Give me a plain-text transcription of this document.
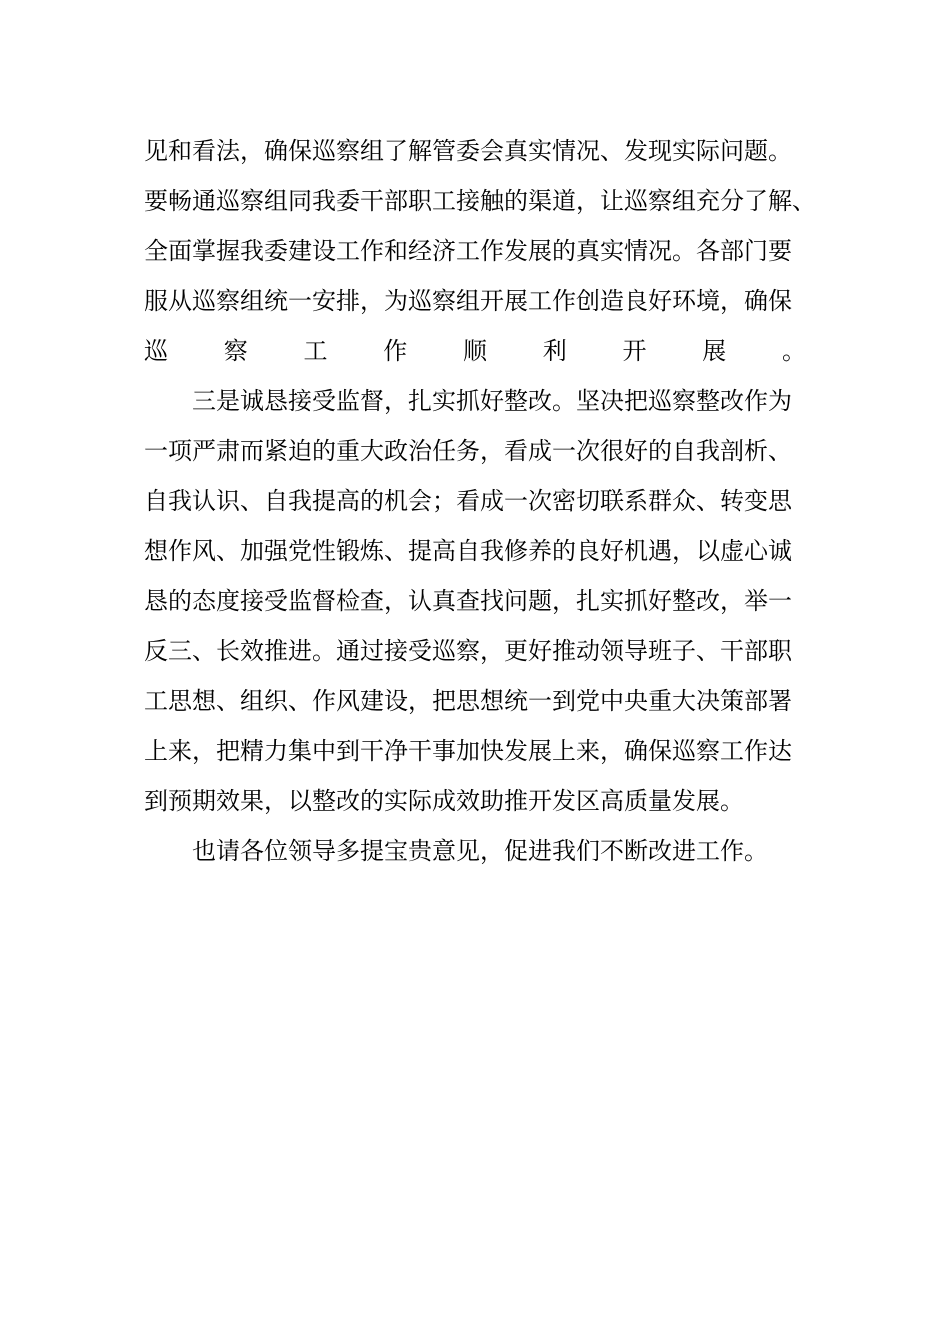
见和看法，确保巡察组了解管委会真实情况、发现实际问题。
要畅通巡察组同我委干部职工接触的渠道，让巡察组充分了解、
全面掌握我委建设工作和经济工作发展的真实情况。各部门要
服从巡察组统一安排，为巡察组开展工作创造良好环境，确保
巡 察 工 作 顺 利 开 展 。
三是诚恳接受监督，扎实抓好整改。坚决把巡察整改作为
一项严肃而紧迫的重大政治任务，看成一次很好的自我剖析、
自我认识、自我提高的机会；看成一次密切联系群众、转变思
想作风、加强党性锻炼、提高自我修养的良好机遇，以虚心诚
恳的态度接受监督检查，认真查找问题，扎实抓好整改，举一
反三、长效推进。通过接受巡察，更好推动领导班子、干部职
工思想、组织、作风建设，把思想统一到党中央重大决策部署
上来，把精力集中到干净干事加快发展上来，确保巡察工作达
到预期效果，以整改的实际成效助推开发区高质量发展。
也请各位领导多提宝贵意见，促进我们不断改进工作。
